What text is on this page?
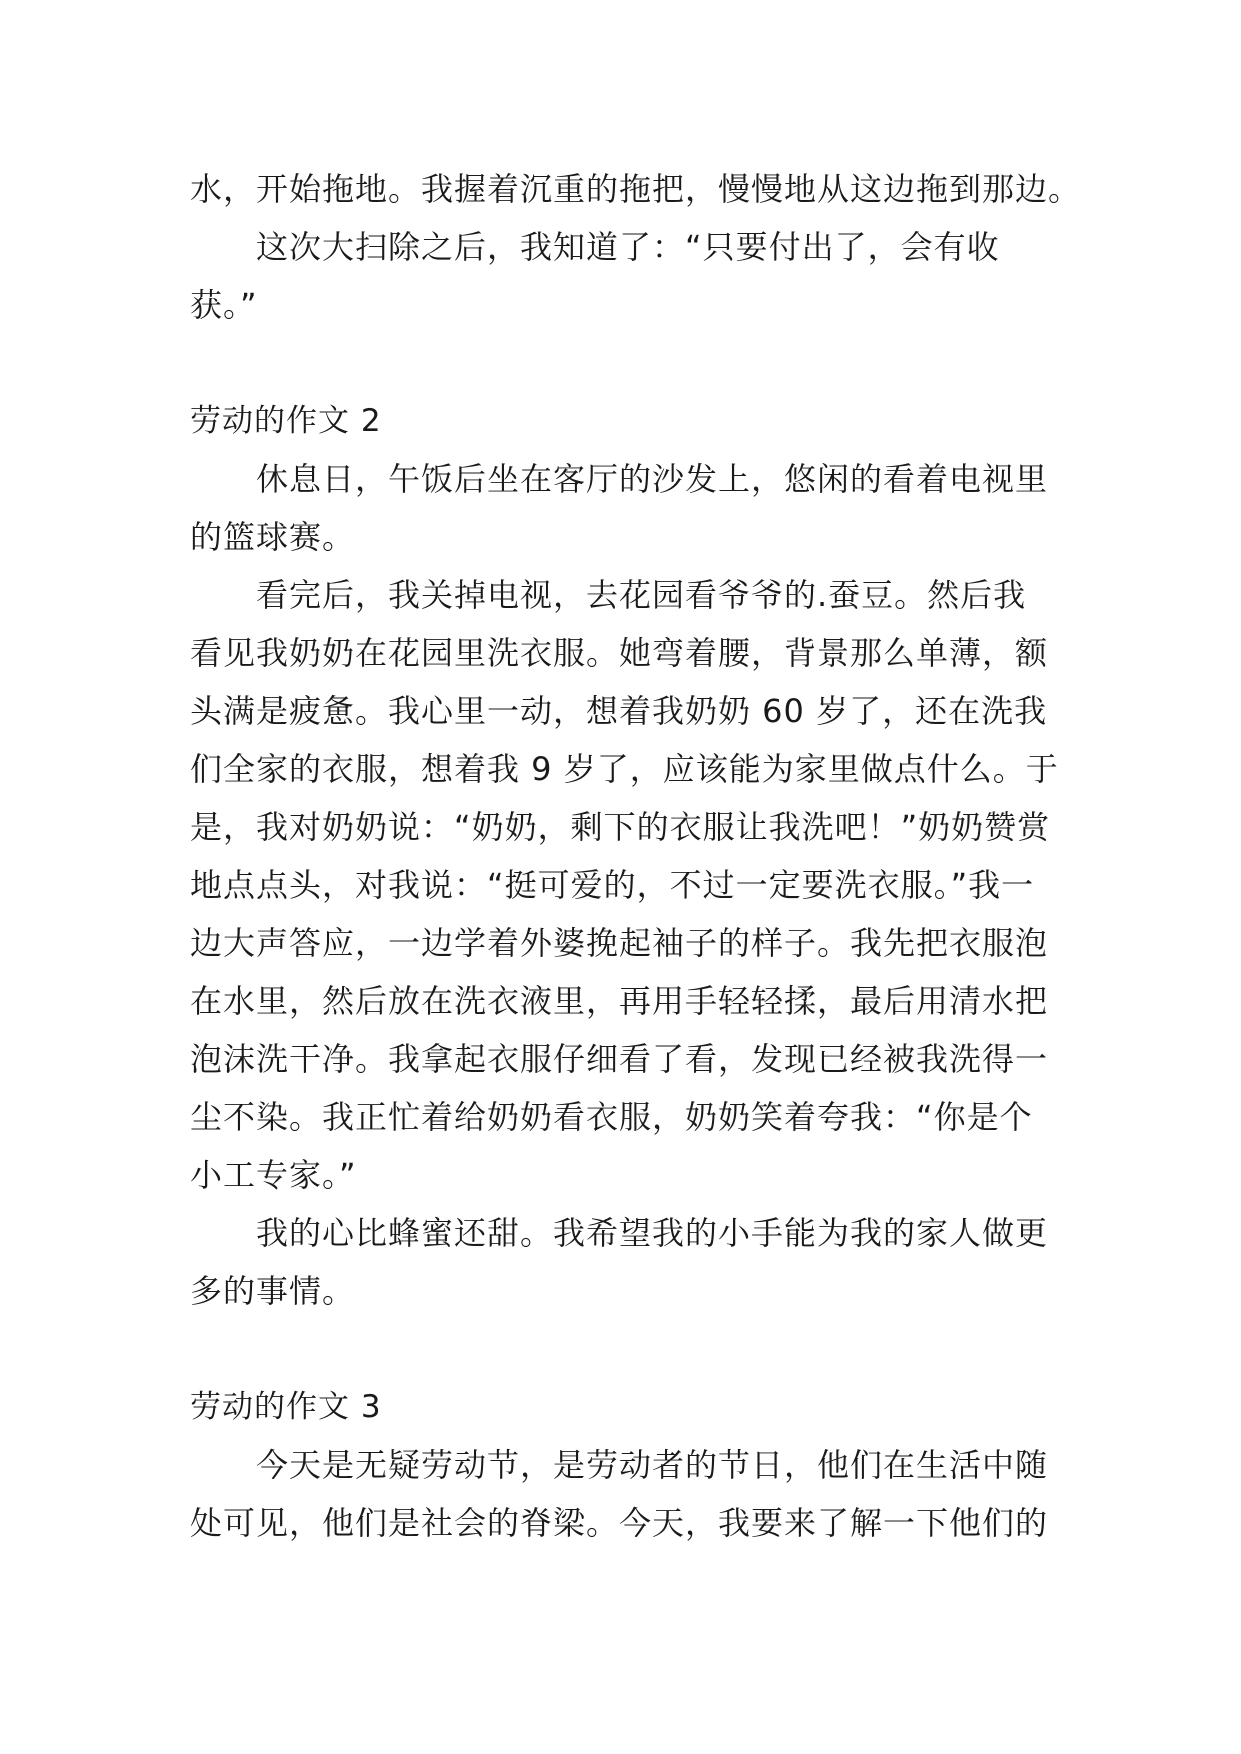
水，开始拖地。我握着沉重的拖把，慢慢地从这边拖到那边。
这次大扫除之后，我知道了：“只要付出了，会有收
获。”
劳动的作文 2
休息日，午饭后坐在客厅的沙发上，悠闲的看着电视里
的篮球赛。
看完后，我关掉电视，去花园看爷爷的.蚕豆。然后我
看见我奶奶在花园里洗衣服。她弯着腰，背景那么单薄，额
头满是疲惫。我心里一动，想着我奶奶 60 岁了，还在洗我
们全家的衣服，想着我 9 岁了，应该能为家里做点什么。于
是，我对奶奶说：“奶奶，剩下的衣服让我洗吧！”奶奶赞赏
地点点头，对我说：“挺可爱的，不过一定要洗衣服。”我一
边大声答应，一边学着外婆挽起袖子的样子。我先把衣服泡
在水里，然后放在洗衣液里，再用手轻轻揉，最后用清水把
泡沫洗干净。我拿起衣服仔细看了看，发现已经被我洗得一
尘不染。我正忙着给奶奶看衣服，奶奶笑着夸我：“你是个
小工专家。”
我的心比蜂蜜还甜。我希望我的小手能为我的家人做更
多的事情。
劳动的作文 3
今天是无疑劳动节，是劳动者的节日，他们在生活中随
处可见，他们是社会的脊梁。今天，我要来了解一下他们的
